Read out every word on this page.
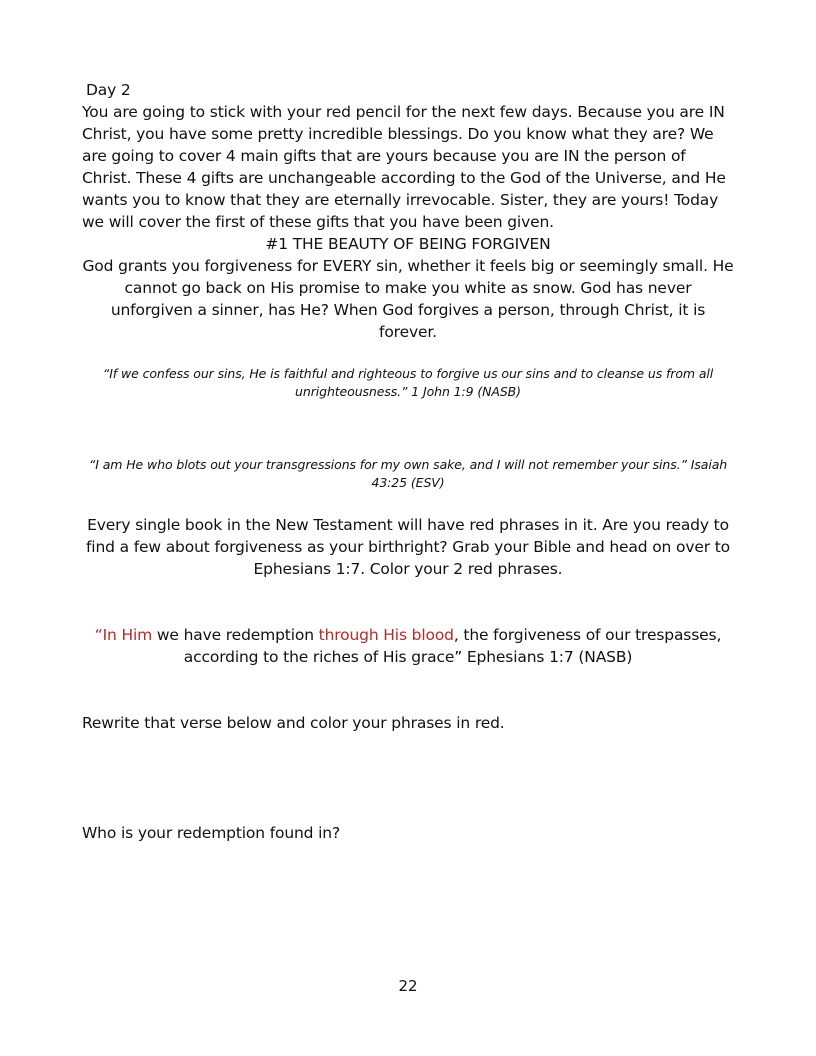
Day 2

You are going to stick with your red pencil for the next few days. Because you are IN Christ, you have some pretty incredible blessings. Do you know what they are? We are going to cover 4 main gifts that are yours because you are IN the person of Christ. These 4 gifts are unchangeable according to the God of the Universe, and He wants you to know that they are eternally irrevocable. Sister, they are yours! Today we will cover the first of these gifts that you have been given.

#1 THE BEAUTY OF BEING FORGIVEN

God grants you forgiveness for EVERY sin, whether it feels big or seemingly small. He cannot go back on His promise to make you white as snow. God has never unforgiven a sinner, has He? When God forgives a person, through Christ, it is forever.

“If we confess our sins, He is faithful and righteous to forgive us our sins and to cleanse us from all unrighteousness.” 1 John 1:9 (NASB)

“I am He who blots out your transgressions for my own sake, and I will not remember your sins.” Isaiah 43:25 (ESV)

Every single book in the New Testament will have red phrases in it. Are you ready to find a few about forgiveness as your birthright? Grab your Bible and head on over to Ephesians 1:7. Color your 2 red phrases.

“In Him we have redemption through His blood, the forgiveness of our trespasses, according to the riches of His grace” Ephesians 1:7 (NASB)

Rewrite that verse below and color your phrases in red.

Who is your redemption found in?

22
